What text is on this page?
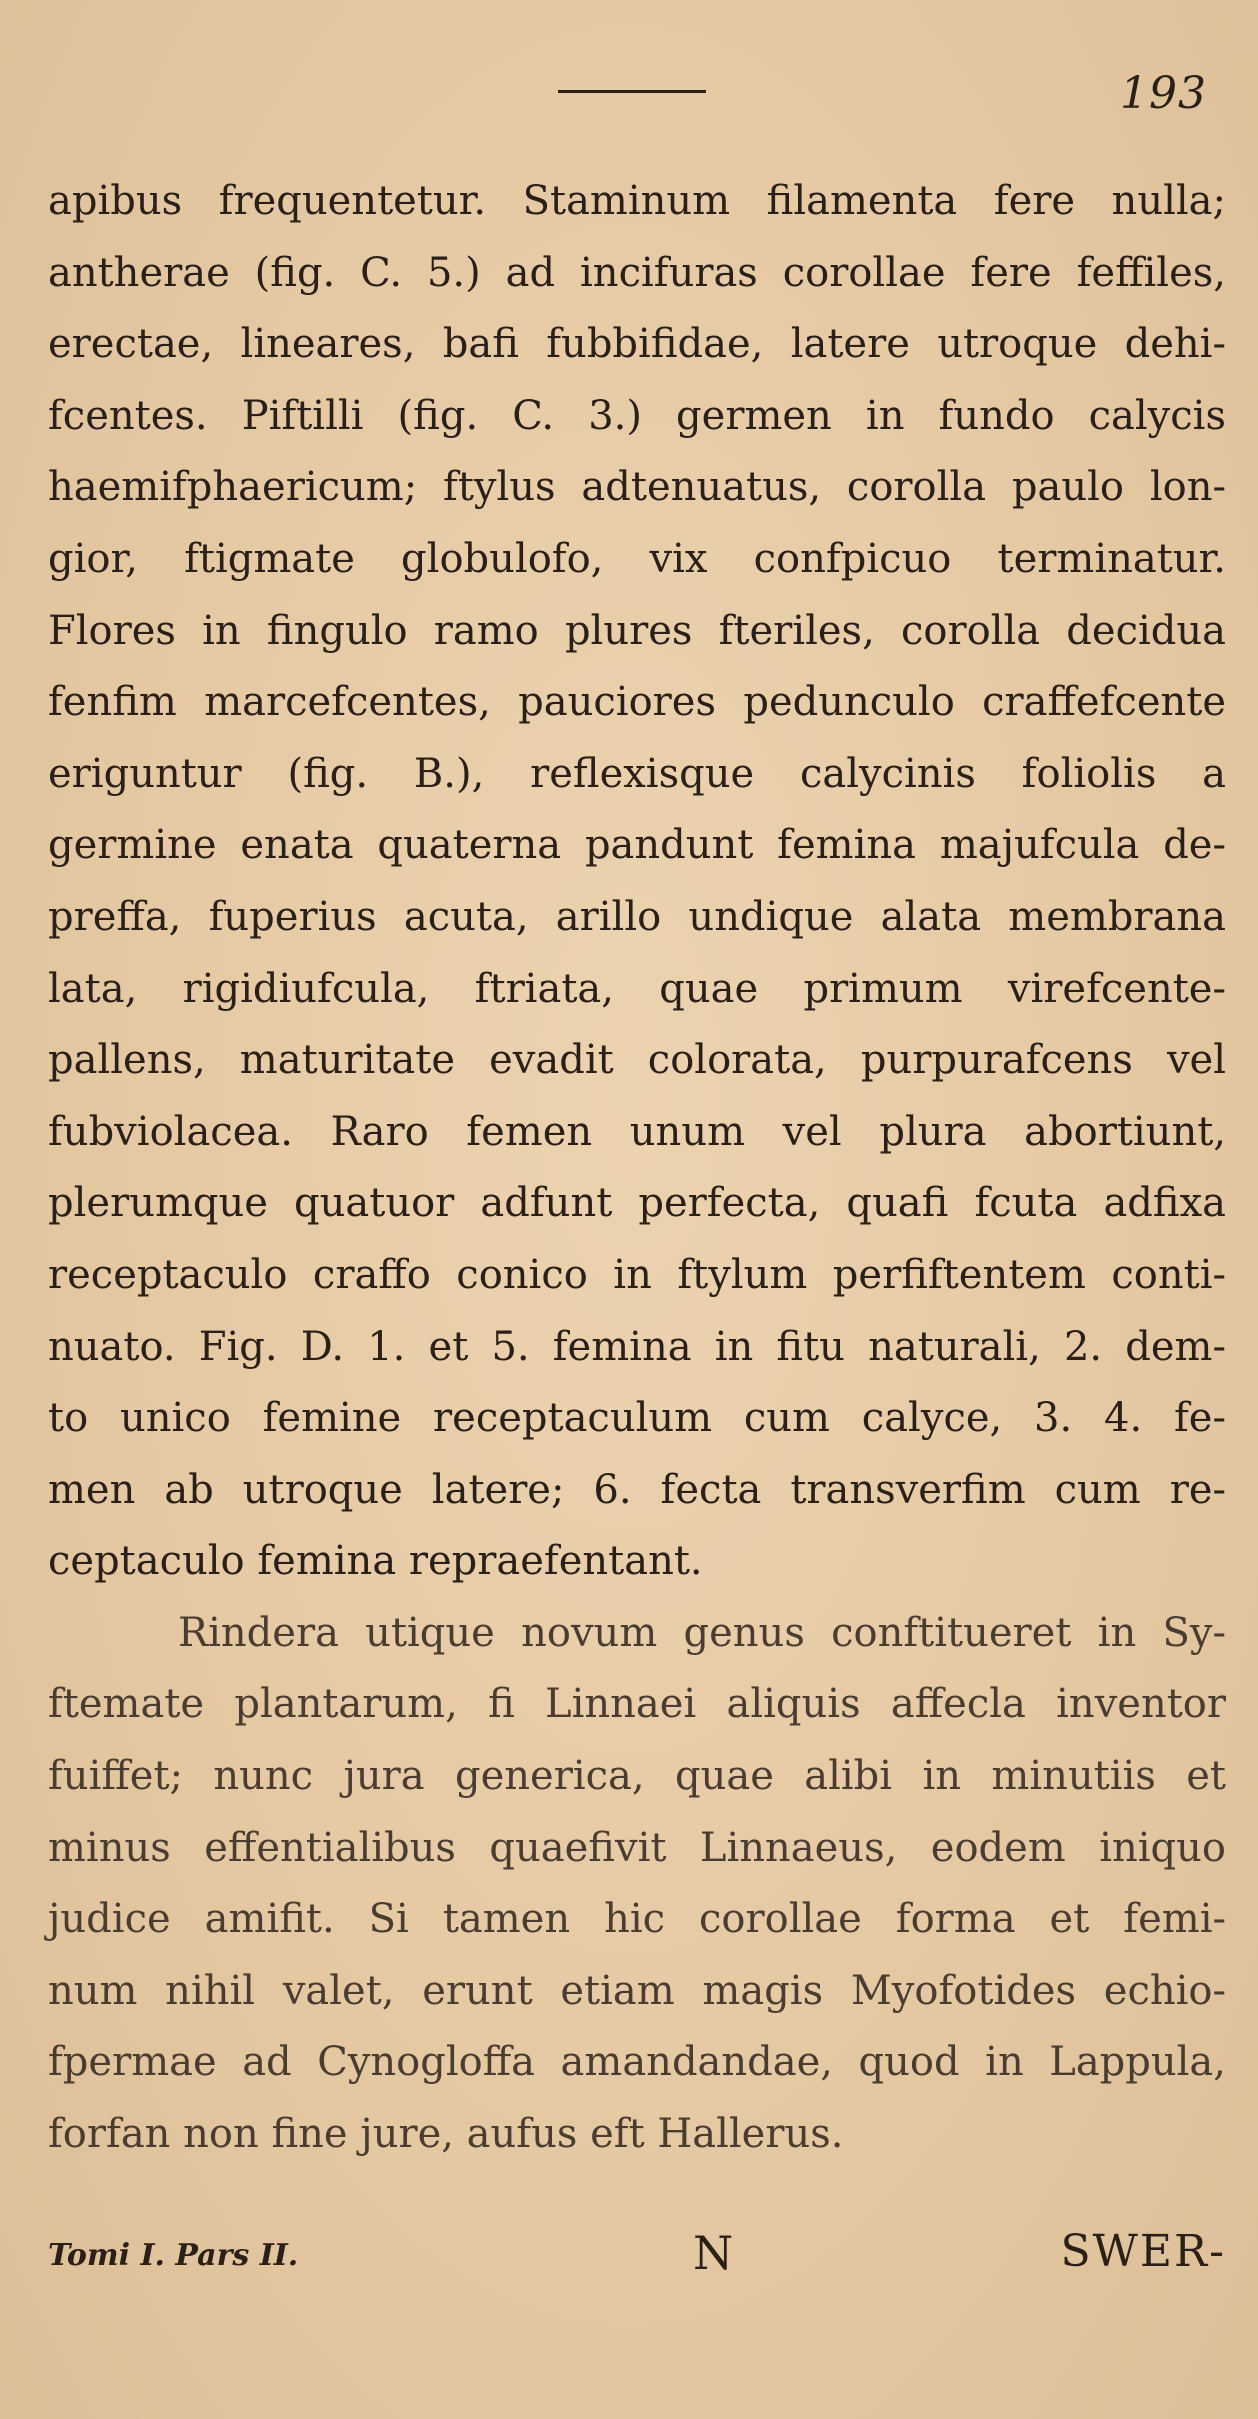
193
apibus frequentetur. Staminum filamenta fere nulla;
antherae (fig. C. 5.) ad incifuras corollae fere feffiles,
erectae, lineares, bafi fubbifidae, latere utroque dehi-
fcentes. Piftilli (fig. C. 3.) germen in fundo calycis
haemifphaericum; ftylus adtenuatus, corolla paulo lon-
gior, ftigmate globulofo, vix confpicuo terminatur.
Flores in fingulo ramo plures fteriles, corolla decidua
fenfim marcefcentes, pauciores pedunculo craffefcente
eriguntur (fig. B.), reflexisque calycinis foliolis a
germine enata quaterna pandunt femina majufcula de-
preffa, fuperius acuta, arillo undique alata membrana
lata, rigidiufcula, ftriata, quae primum virefcente-
pallens, maturitate evadit colorata, purpurafcens vel
fubviolacea. Raro femen unum vel plura abortiunt,
plerumque quatuor adfunt perfecta, quafi fcuta adfixa
receptaculo craffo conico in ftylum perfiftentem conti-
nuato. Fig. D. 1. et 5. femina in fitu naturali, 2. dem-
to unico femine receptaculum cum calyce, 3. 4. fe-
men ab utroque latere; 6. fecta transverfim cum re-
ceptaculo femina repraefentant.
Rindera utique novum genus conftitueret in Sy-
ftemate plantarum, fi Linnaei aliquis affecla inventor
fuiffet; nunc jura generica, quae alibi in minutiis et
minus effentialibus quaefivit Linnaeus, eodem iniquo
judice amifit. Si tamen hic corollae forma et femi-
num nihil valet, erunt etiam magis Myofotides echio-
fpermae ad Cynogloffa amandandae, quod in Lappula,
forfan non fine jure, aufus eft Hallerus.
Tomi I. Pars II.	N	SWER-
